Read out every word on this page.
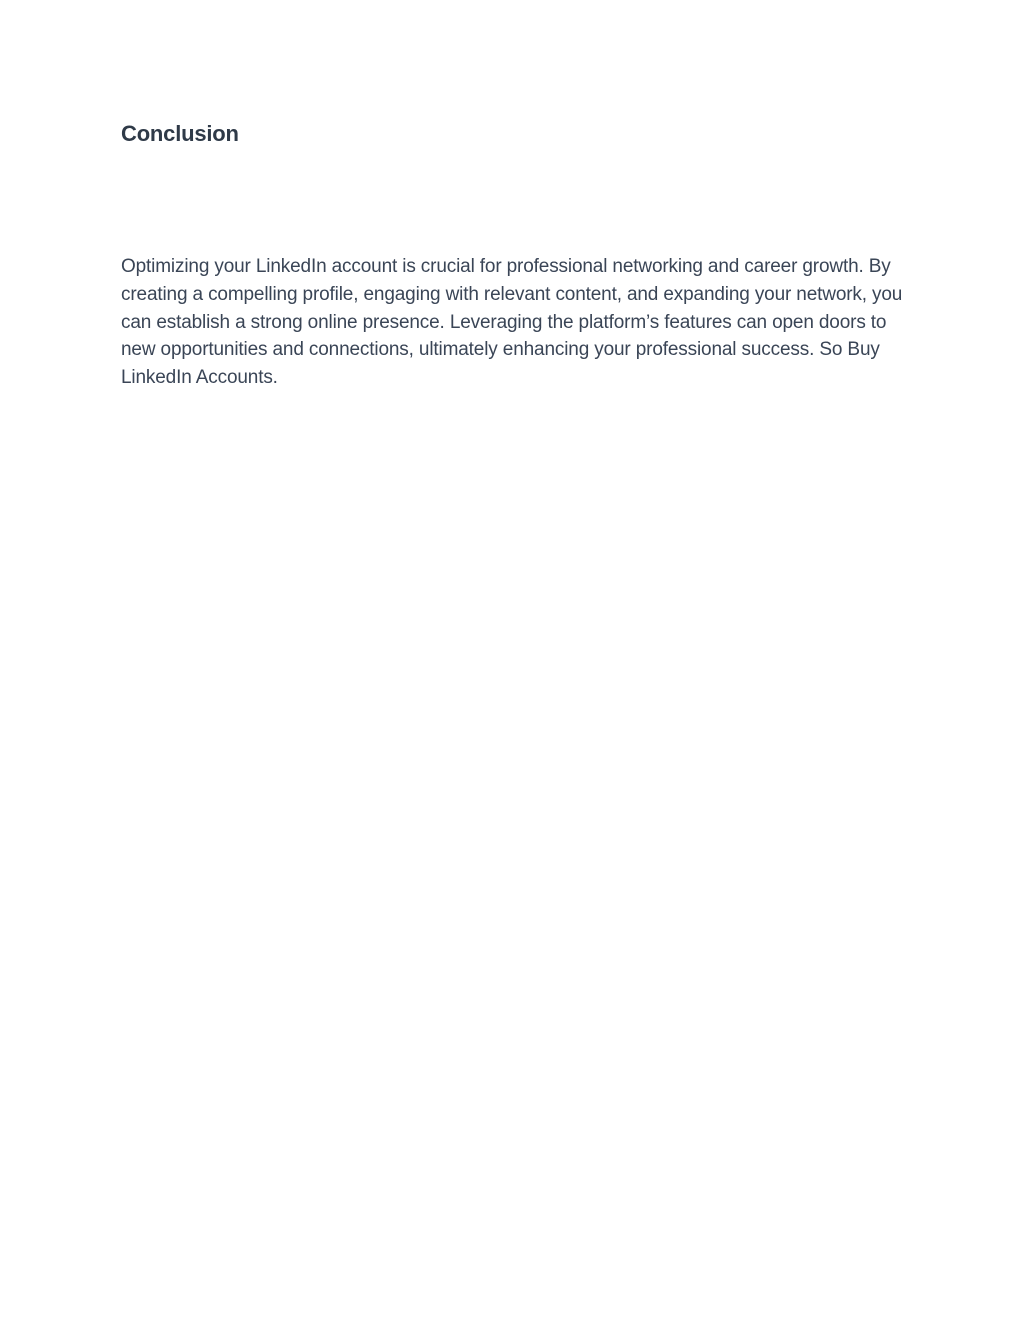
Conclusion

Optimizing your LinkedIn account is crucial for professional networking and career growth. By creating a compelling profile, engaging with relevant content, and expanding your network, you can establish a strong online presence. Leveraging the platform’s features can open doors to new opportunities and connections, ultimately enhancing your professional success. So Buy LinkedIn Accounts.
